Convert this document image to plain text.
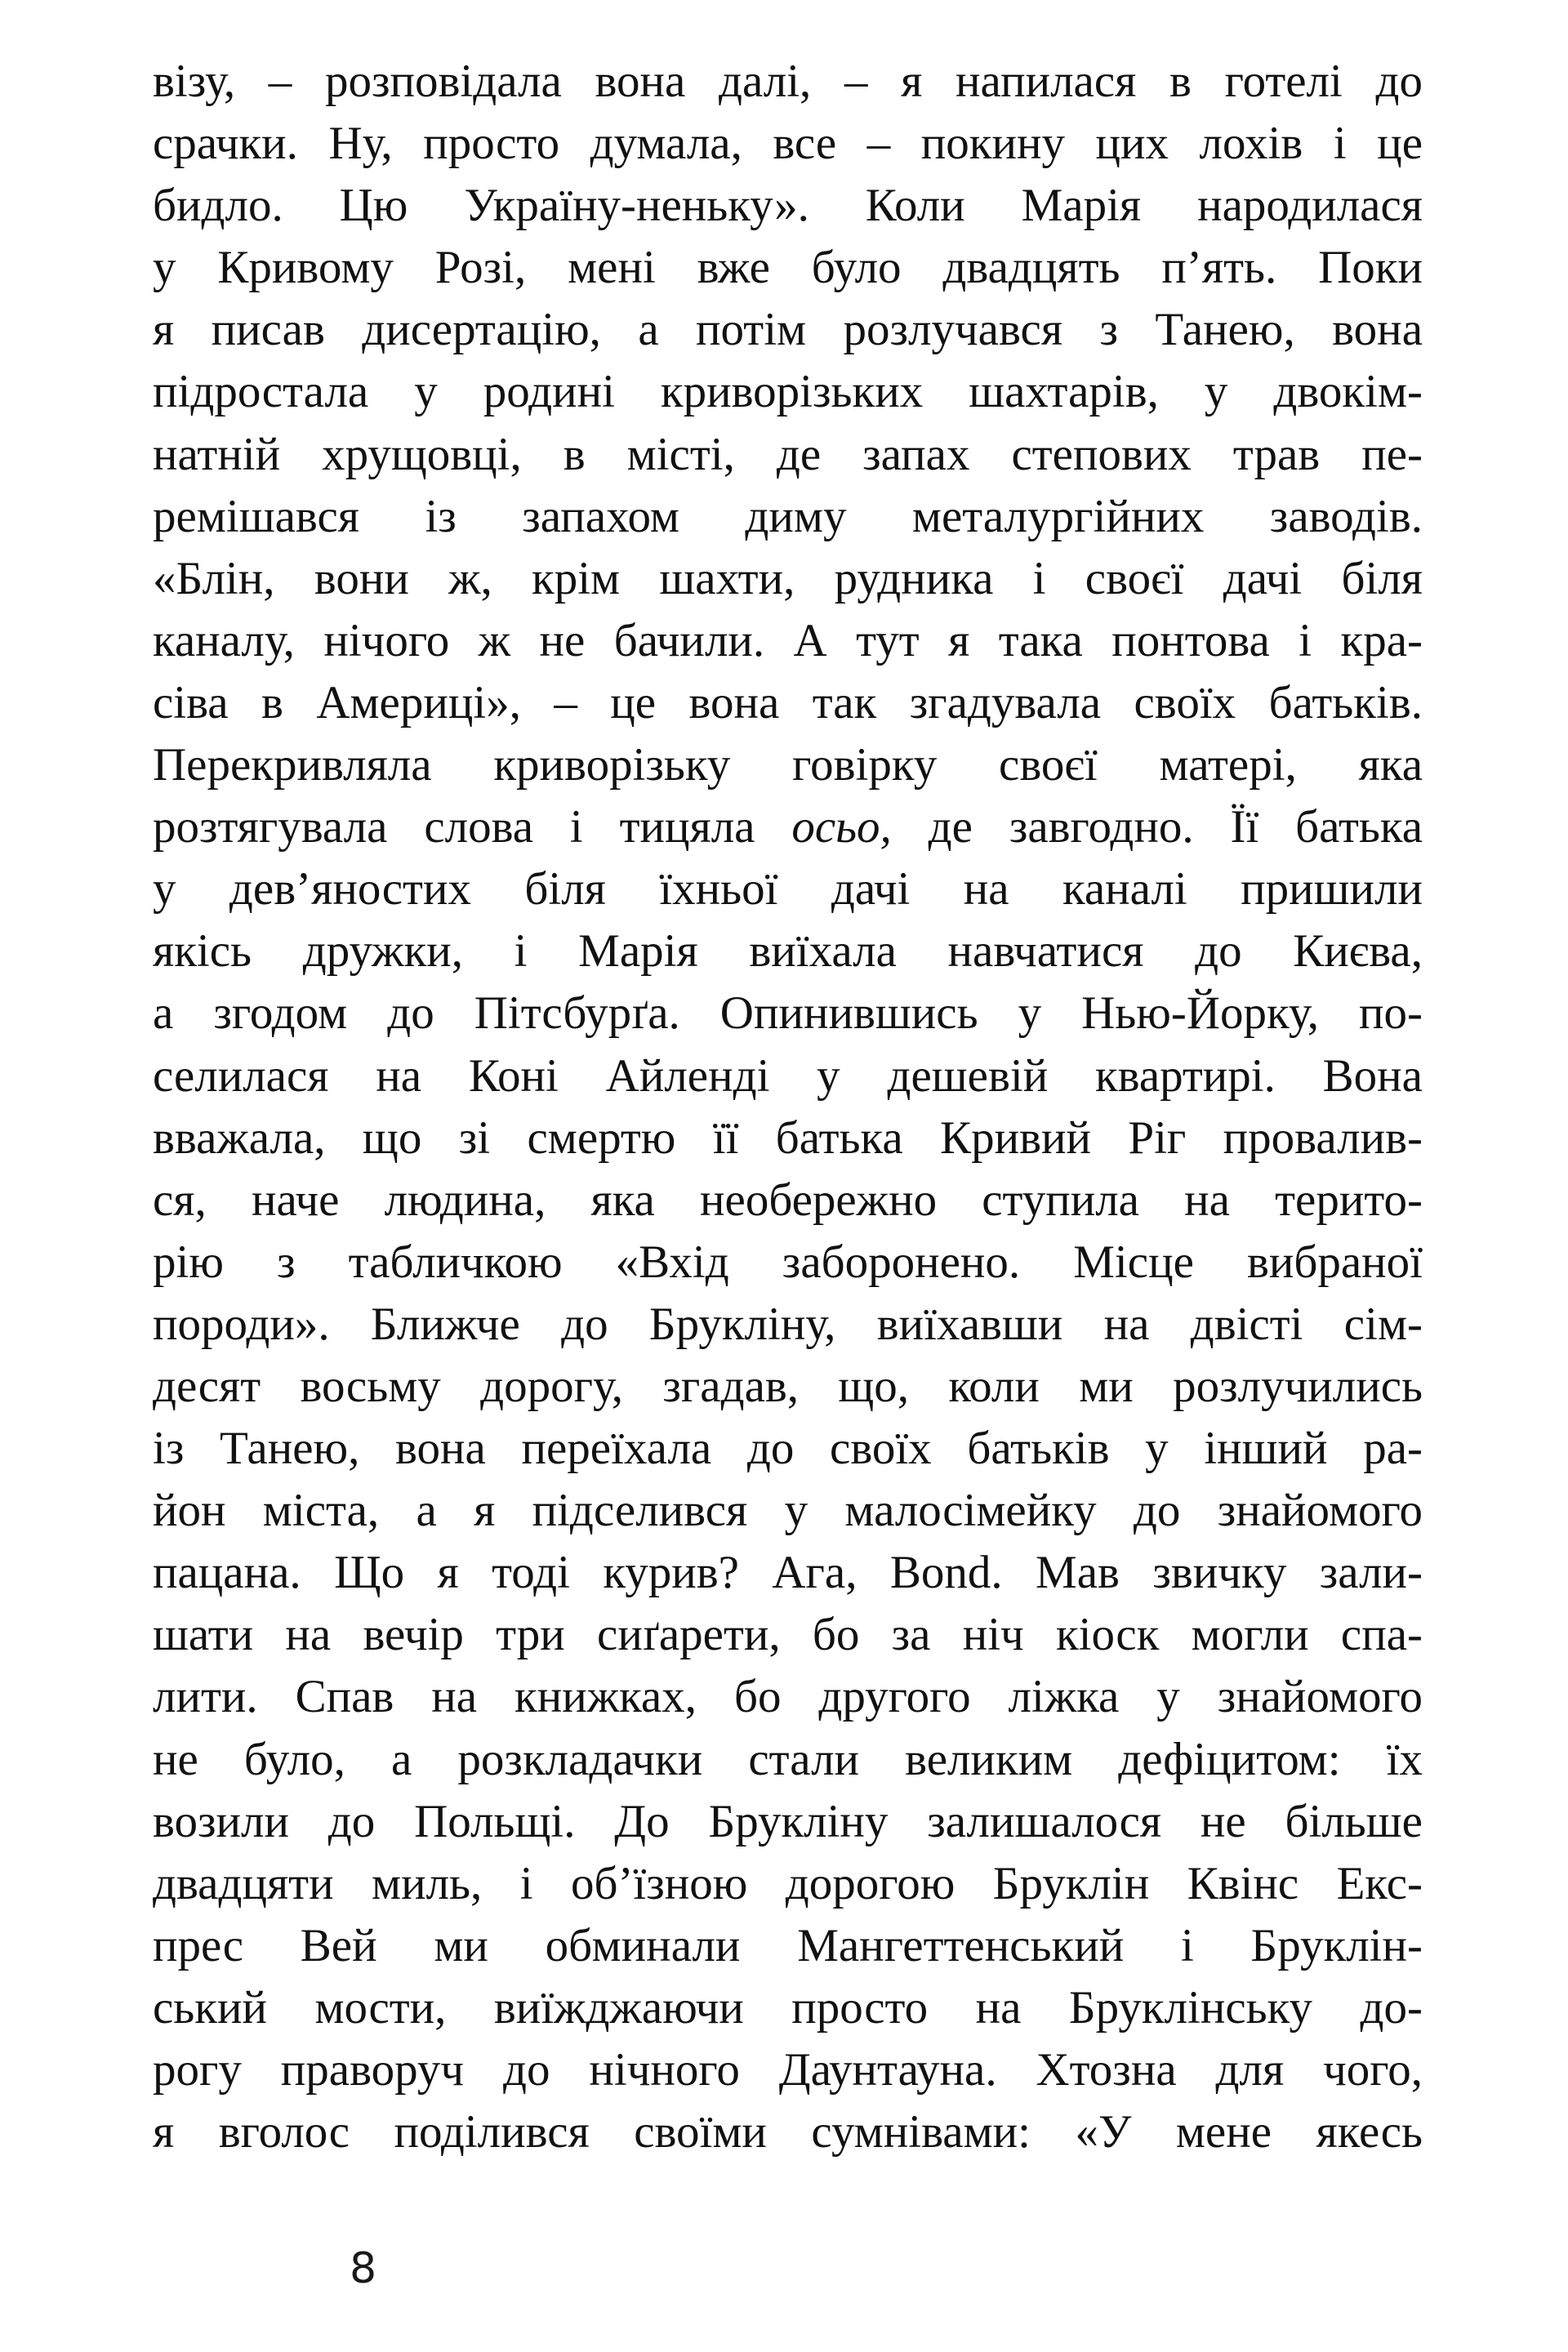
візу, – розповідала вона далі, – я напилася в готелі до
срачки. Ну, просто думала, все – покину цих лохів і це
бидло. Цю Україну-неньку». Коли Марія народилася
у Кривому Розі, мені вже було двадцять п’ять. Поки
я писав дисертацію, а потім розлучався з Танею, вона
підростала у родині криворізьких шахтарів, у двокім-
натній хрущовці, в місті, де запах степових трав пе-
ремішався із запахом диму металургійних заводів.
«Блін, вони ж, крім шахти, рудника і своєї дачі біля
каналу, нічого ж не бачили. А тут я така понтова і кра-
сіва в Америці», – це вона так згадувала своїх батьків.
Перекривляла криворізьку говірку своєї матері, яка
розтягувала слова і тицяла осьо, де завгодно. Її батька
у дев’яностих біля їхньої дачі на каналі пришили
якісь дружки, і Марія виїхала навчатися до Києва,
а згодом до Пітсбурґа. Опинившись у Нью-Йорку, по-
селилася на Коні Айленді у дешевій квартирі. Вона
вважала, що зі смертю її батька Кривий Ріг провалив-
ся, наче людина, яка необережно ступила на терито-
рію з табличкою «Вхід заборонено. Місце вибраної
породи». Ближче до Брукліну, виїхавши на двісті сім-
десят восьму дорогу, згадав, що, коли ми розлучились
із Танею, вона переїхала до своїх батьків у інший ра-
йон міста, а я підселився у малосімейку до знайомого
пацана. Що я тоді курив? Ага, Bond. Мав звичку зали-
шати на вечір три сиґарети, бо за ніч кіоск могли спа-
лити. Спав на книжках, бо другого ліжка у знайомого
не було, а розкладачки стали великим дефіцитом: їх
возили до Польщі. До Брукліну залишалося не більше
двадцяти миль, і об’їзною дорогою Бруклін Квінс Екс-
прес Вей ми обминали Мангеттенський і Бруклін-
ський мости, виїжджаючи просто на Бруклінську до-
рогу праворуч до нічного Даунтауна. Хтозна для чого,
я вголос поділився своїми сумнівами: «У мене якесь
8
